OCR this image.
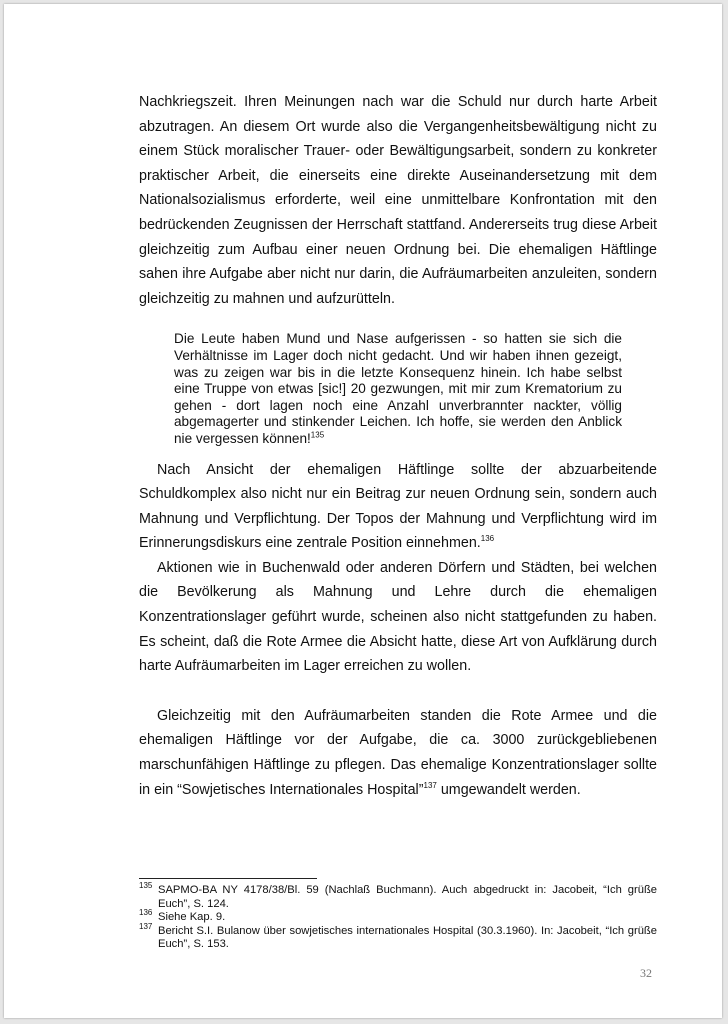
Nachkriegszeit. Ihren Meinungen nach war die Schuld nur durch harte Arbeit abzutragen. An diesem Ort wurde also die Vergangenheitsbewältigung nicht zu einem Stück moralischer Trauer- oder Bewältigungsarbeit, sondern zu konkreter praktischer Arbeit, die einerseits eine direkte Auseinandersetzung mit dem Nationalsozialismus erforderte, weil eine unmittelbare Konfrontation mit den bedrückenden Zeugnissen der Herrschaft stattfand. Andererseits trug diese Arbeit gleichzeitig zum Aufbau einer neuen Ordnung bei. Die ehemaligen Häftlinge sahen ihre Aufgabe aber nicht nur darin, die Aufräumarbeiten anzuleiten, sondern gleichzeitig zu mahnen und aufzurütteln.

Die Leute haben Mund und Nase aufgerissen - so hatten sie sich die Verhältnisse im Lager doch nicht gedacht. Und wir haben ihnen gezeigt, was zu zeigen war bis in die letzte Konsequenz hinein. Ich habe selbst eine Truppe von etwas [sic!] 20 gezwungen, mit mir zum Krematorium zu gehen - dort lagen noch eine Anzahl unverbrannter nackter, völlig abgemagerter und stinkender Leichen. Ich hoffe, sie werden den Anblick nie vergessen können!$^{135}$

Nach Ansicht der ehemaligen Häftlinge sollte der abzuarbeitende Schuldkomplex also nicht nur ein Beitrag zur neuen Ordnung sein, sondern auch Mahnung und Verpflichtung. Der Topos der Mahnung und Verpflichtung wird im Erinnerungsdiskurs eine zentrale Position einnehmen.$^{136}$

Aktionen wie in Buchenwald oder anderen Dörfern und Städten, bei welchen die Bevölkerung als Mahnung und Lehre durch die ehemaligen Konzentrationslager geführt wurde, scheinen also nicht stattgefunden zu haben. Es scheint, daß die Rote Armee die Absicht hatte, diese Art von Aufklärung durch harte Aufräumarbeiten im Lager erreichen zu wollen.

Gleichzeitig mit den Aufräumarbeiten standen die Rote Armee und die ehemaligen Häftlinge vor der Aufgabe, die ca. 3000 zurückgebliebenen marschunfähigen Häftlinge zu pflegen. Das ehemalige Konzentrationslager sollte in ein “Sowjetisches Internationales Hospital”$^{137}$ umgewandelt werden.

135 SAPMO-BA NY 4178/38/Bl. 59 (Nachlaß Buchmann). Auch abgedruckt in: Jacobeit, “Ich grüße Euch”, S. 124.

136 Siehe Kap. 9.

137 Bericht S.I. Bulanow über sowjetisches internationales Hospital (30.3.1960). In: Jacobeit, “Ich grüße Euch”, S. 153.

32
